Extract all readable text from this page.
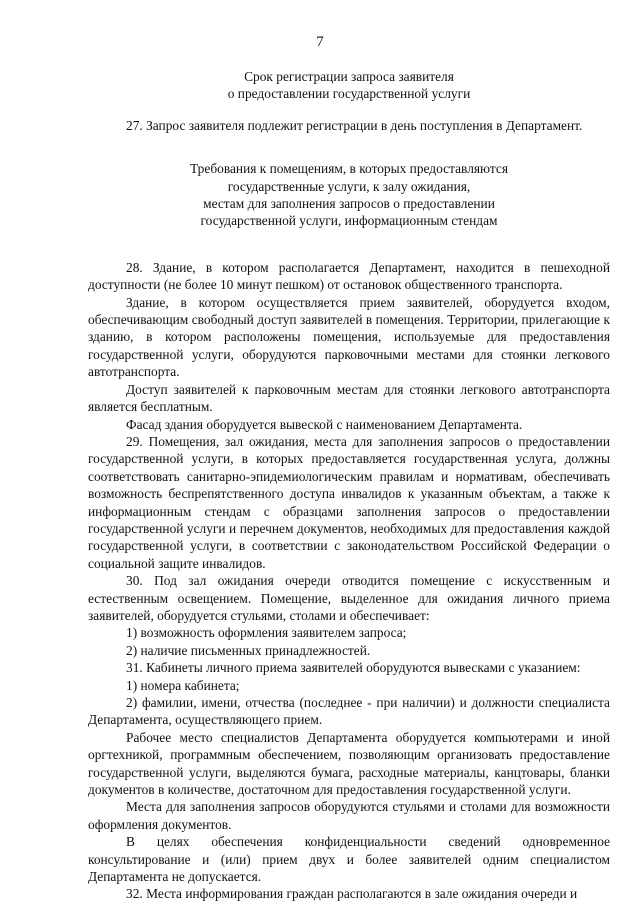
7
Срок регистрации запроса заявителя
о предоставлении государственной услуги

27. Запрос заявителя подлежит регистрации в день поступления в Департамент.

Требования к помещениям, в которых предоставляются
государственные услуги, к залу ожидания,
местам для заполнения запросов о предоставлении
государственной услуги, информационным стендам

28. Здание, в котором располагается Департамент, находится в пешеходной доступности (не более 10 минут пешком) от остановок общественного транспорта.

Здание, в котором осуществляется прием заявителей, оборудуется входом, обеспечивающим свободный доступ заявителей в помещения. Территории, прилегающие к зданию, в котором расположены помещения, используемые для предоставления государственной услуги, оборудуются парковочными местами для стоянки легкового автотранспорта.

Доступ заявителей к парковочным местам для стоянки легкового автотранспорта является бесплатным.

Фасад здания оборудуется вывеской с наименованием Департамента.

29. Помещения, зал ожидания, места для заполнения запросов о предоставлении государственной услуги, в которых предоставляется государственная услуга, должны соответствовать санитарно-эпидемиологическим правилам и нормативам, обеспечивать возможность беспрепятственного доступа инвалидов к указанным объектам, а также к информационным стендам с образцами заполнения запросов о предоставлении государственной услуги и перечнем документов, необходимых для предоставления каждой государственной услуги, в соответствии с законодательством Российской Федерации о социальной защите инвалидов.

30. Под зал ожидания очереди отводится помещение с искусственным и естественным освещением. Помещение, выделенное для ожидания личного приема заявителей, оборудуется стульями, столами и обеспечивает:

1) возможность оформления заявителем запроса;

2) наличие письменных принадлежностей.

31. Кабинеты личного приема заявителей оборудуются вывесками с указанием:

1) номера кабинета;

2) фамилии, имени, отчества (последнее - при наличии) и должности специалиста Департамента, осуществляющего прием.

Рабочее место специалистов Департамента оборудуется компьютерами и иной оргтехникой, программным обеспечением, позволяющим организовать предоставление государственной услуги, выделяются бумага, расходные материалы, канцтовары, бланки документов в количестве, достаточном для предоставления государственной услуги.

Места для заполнения запросов оборудуются стульями и столами для возможности оформления документов.

В целях обеспечения конфиденциальности сведений одновременное консультирование и (или) прием двух и более заявителей одним специалистом Департамента не допускается.

32. Места информирования граждан располагаются в зале ожидания очереди и
